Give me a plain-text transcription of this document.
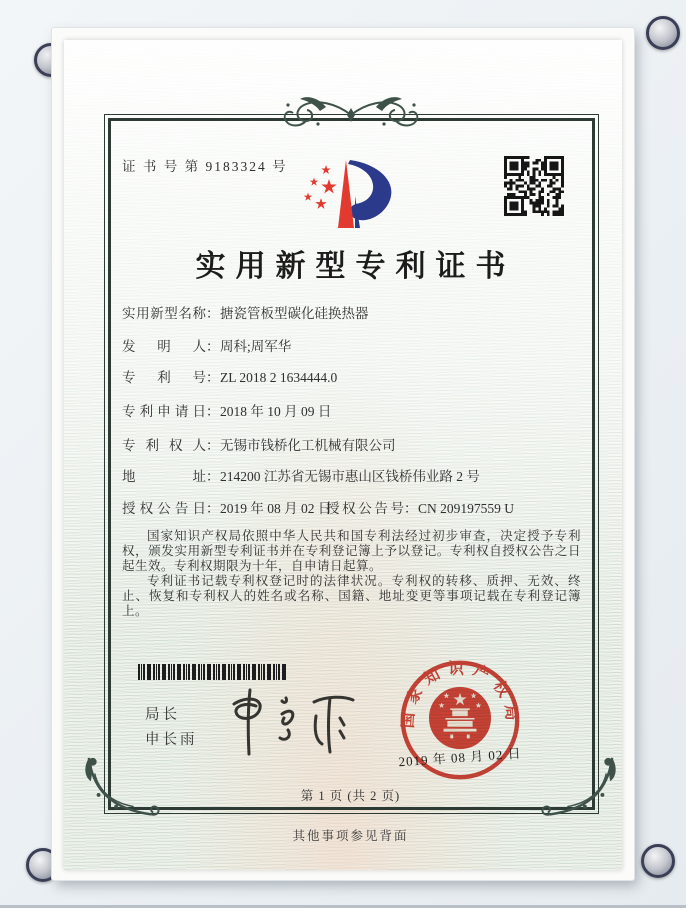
证 书 号 第 9183324 号
实用新型专利证书
实用新型名称：搪瓷管板型碳化硅换热器
发明人：周科;周军华
专利号：ZL 2018 2 1634444.0
专利申请日：2018 年 10 月 09 日
专利权人：无锡市钱桥化工机械有限公司
地址：214200 江苏省无锡市惠山区钱桥伟业路 2 号
授权公告日：2019 年 08 月 02 日
授权公告号：CN 209197559 U

国家知识产权局依照中华人民共和国专利法经过初步审查，决定授予专利权，颁发实用新型专利证书并在专利登记簿上予以登记。专利权自授权公告之日起生效。专利权期限为十年，自申请日起算。

专利证书记载专利权登记时的法律状况。专利权的转移、质押、无效、终止、恢复和专利权人的姓名或名称、国籍、地址变更等事项记载在专利登记簿上。

局长
申长雨
国家知识产权局
2019 年 08 月 02 日
第 1 页 (共 2 页)
其他事项参见背面
